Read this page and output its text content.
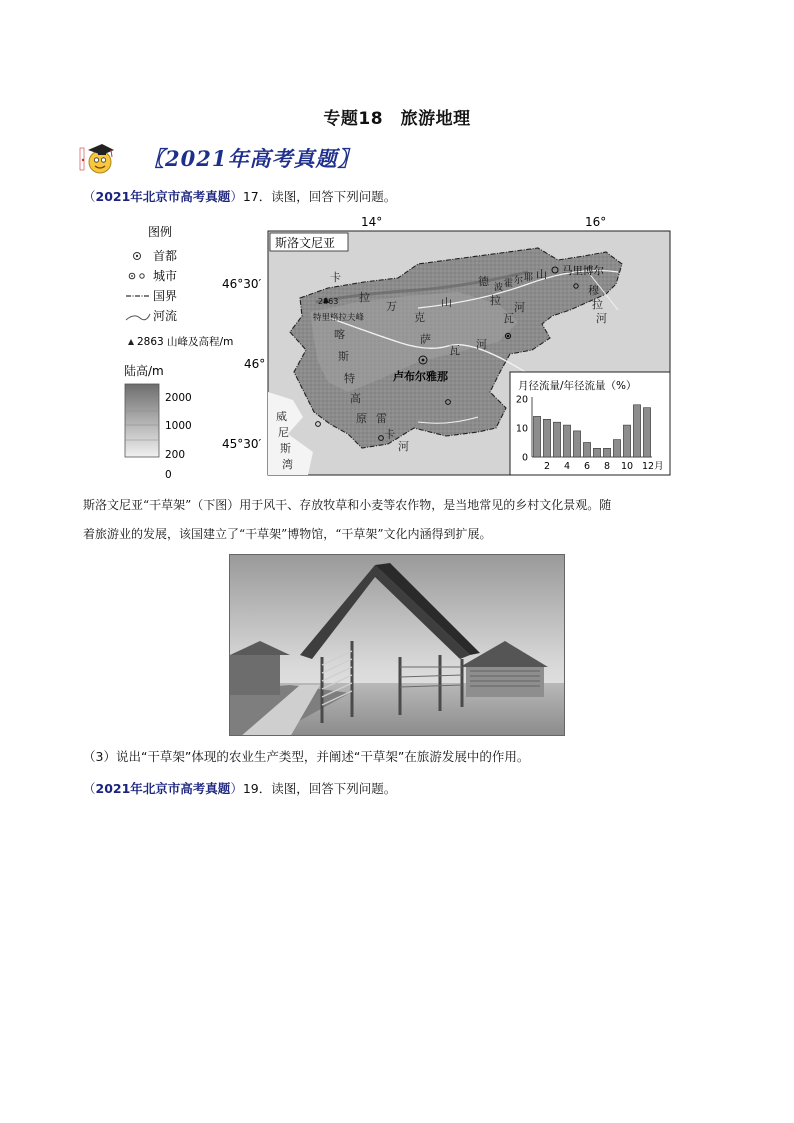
专题18　旅游地理
〖2021年高考真题〗
（2021年北京市高考真题）17．读图，回答下列问题。
图例
首都
城市
国界
河流
2863 山峰及高程/m
陆高/m
2000
1000
200
0
14°	16°
46°30′
46°
45°30′
斯洛文尼亚
2863
特里格拉夫峰
卢布尔雅那
马里博尔
卡
拉
万
克
山
德
拉
瓦
河
波 霍 尔 耶 山
穆
拉
河
萨
瓦 河
喀
斯
特
高
原 雷
卡
河
威
尼
斯
湾
月径流量/年径流量（%）
0
10
20
2 4 6 8 10 12月
斯洛文尼亚“干草架”（下图）用于风干、存放牧草和小麦等农作物，是当地常见的乡村文化景观。随
着旅游业的发展，该国建立了“干草架”博物馆，“干草架”文化内涵得到扩展。
（3）说出“干草架”体现的农业生产类型，并阐述“干草架”在旅游发展中的作用。
（2021年北京市高考真题）19．读图，回答下列问题。
